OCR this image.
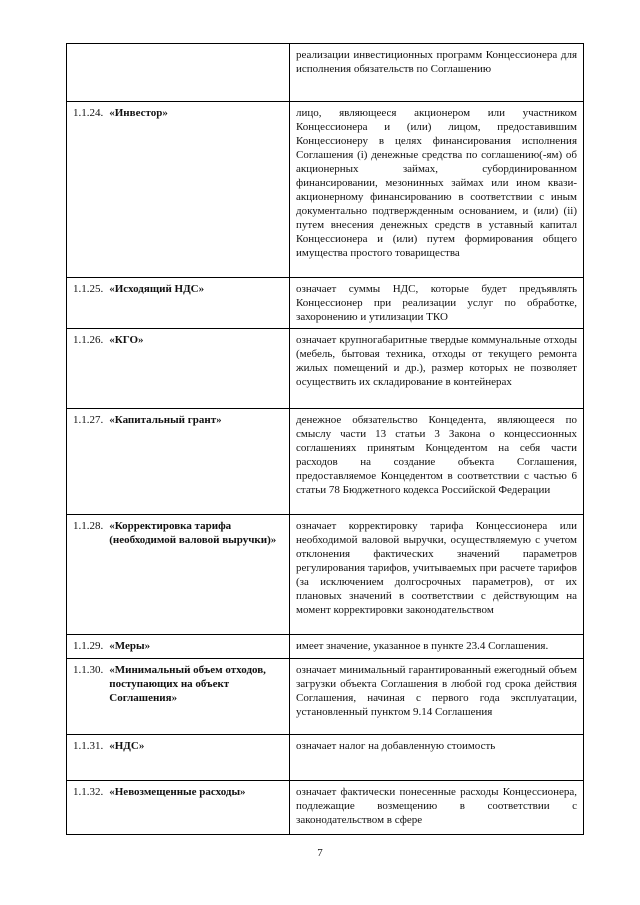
	реализации инвестиционных программ Концессионера для исполнения обязательств по Соглашению

1.1.24. «Инвестор»	лицо, являющееся акционером или участником Концессионера и (или) лицом, предоставившим Концессионеру в целях финансирования исполнения Соглашения (i) денежные средства по соглашению(-ям) об акционерных займах, субординированном финансировании, мезонинных займах или ином квази-акционерному финансированию в соответствии с иным документально подтвержденным основанием, и (или) (ii) путем внесения денежных средств в уставный капитал Концессионера и (или) путем формирования общего имущества простого товарищества

1.1.25. «Исходящий НДС»	означает суммы НДС, которые будет предъявлять Концессионер при реализации услуг по обработке, захоронению и утилизации ТКО

1.1.26. «КГО»	означает крупногабаритные твердые коммунальные отходы (мебель, бытовая техника, отходы от текущего ремонта жилых помещений и др.), размер которых не позволяет осуществить их складирование в контейнерах

1.1.27. «Капитальный грант»	денежное обязательство Концедента, являющееся по смыслу части 13 статьи 3 Закона о концессионных соглашениях принятым Концедентом на себя части расходов на создание объекта Соглашения, предоставляемое Концедентом в соответствии с частью 6 статьи 78 Бюджетного кодекса Российской Федерации

1.1.28. «Корректировка тарифа (необходимой валовой выручки)»	означает корректировку тарифа Концессионера или необходимой валовой выручки, осуществляемую с учетом отклонения фактических значений параметров регулирования тарифов, учитываемых при расчете тарифов (за исключением долгосрочных параметров), от их плановых значений в соответствии с действующим на момент корректировки законодательством

1.1.29. «Меры»	имеет значение, указанное в пункте 23.4 Соглашения.

1.1.30. «Минимальный объем отходов, поступающих на объект Соглашения»	означает минимальный гарантированный ежегодный объем загрузки объекта Соглашения в любой год срока действия Соглашения, начиная с первого года эксплуатации, установленный пунктом 9.14 Соглашения

1.1.31. «НДС»	означает налог на добавленную стоимость

1.1.32. «Невозмещенные расходы»	означает фактически понесенные расходы Концессионера, подлежащие возмещению в соответствии с законодательством в сфере
7
